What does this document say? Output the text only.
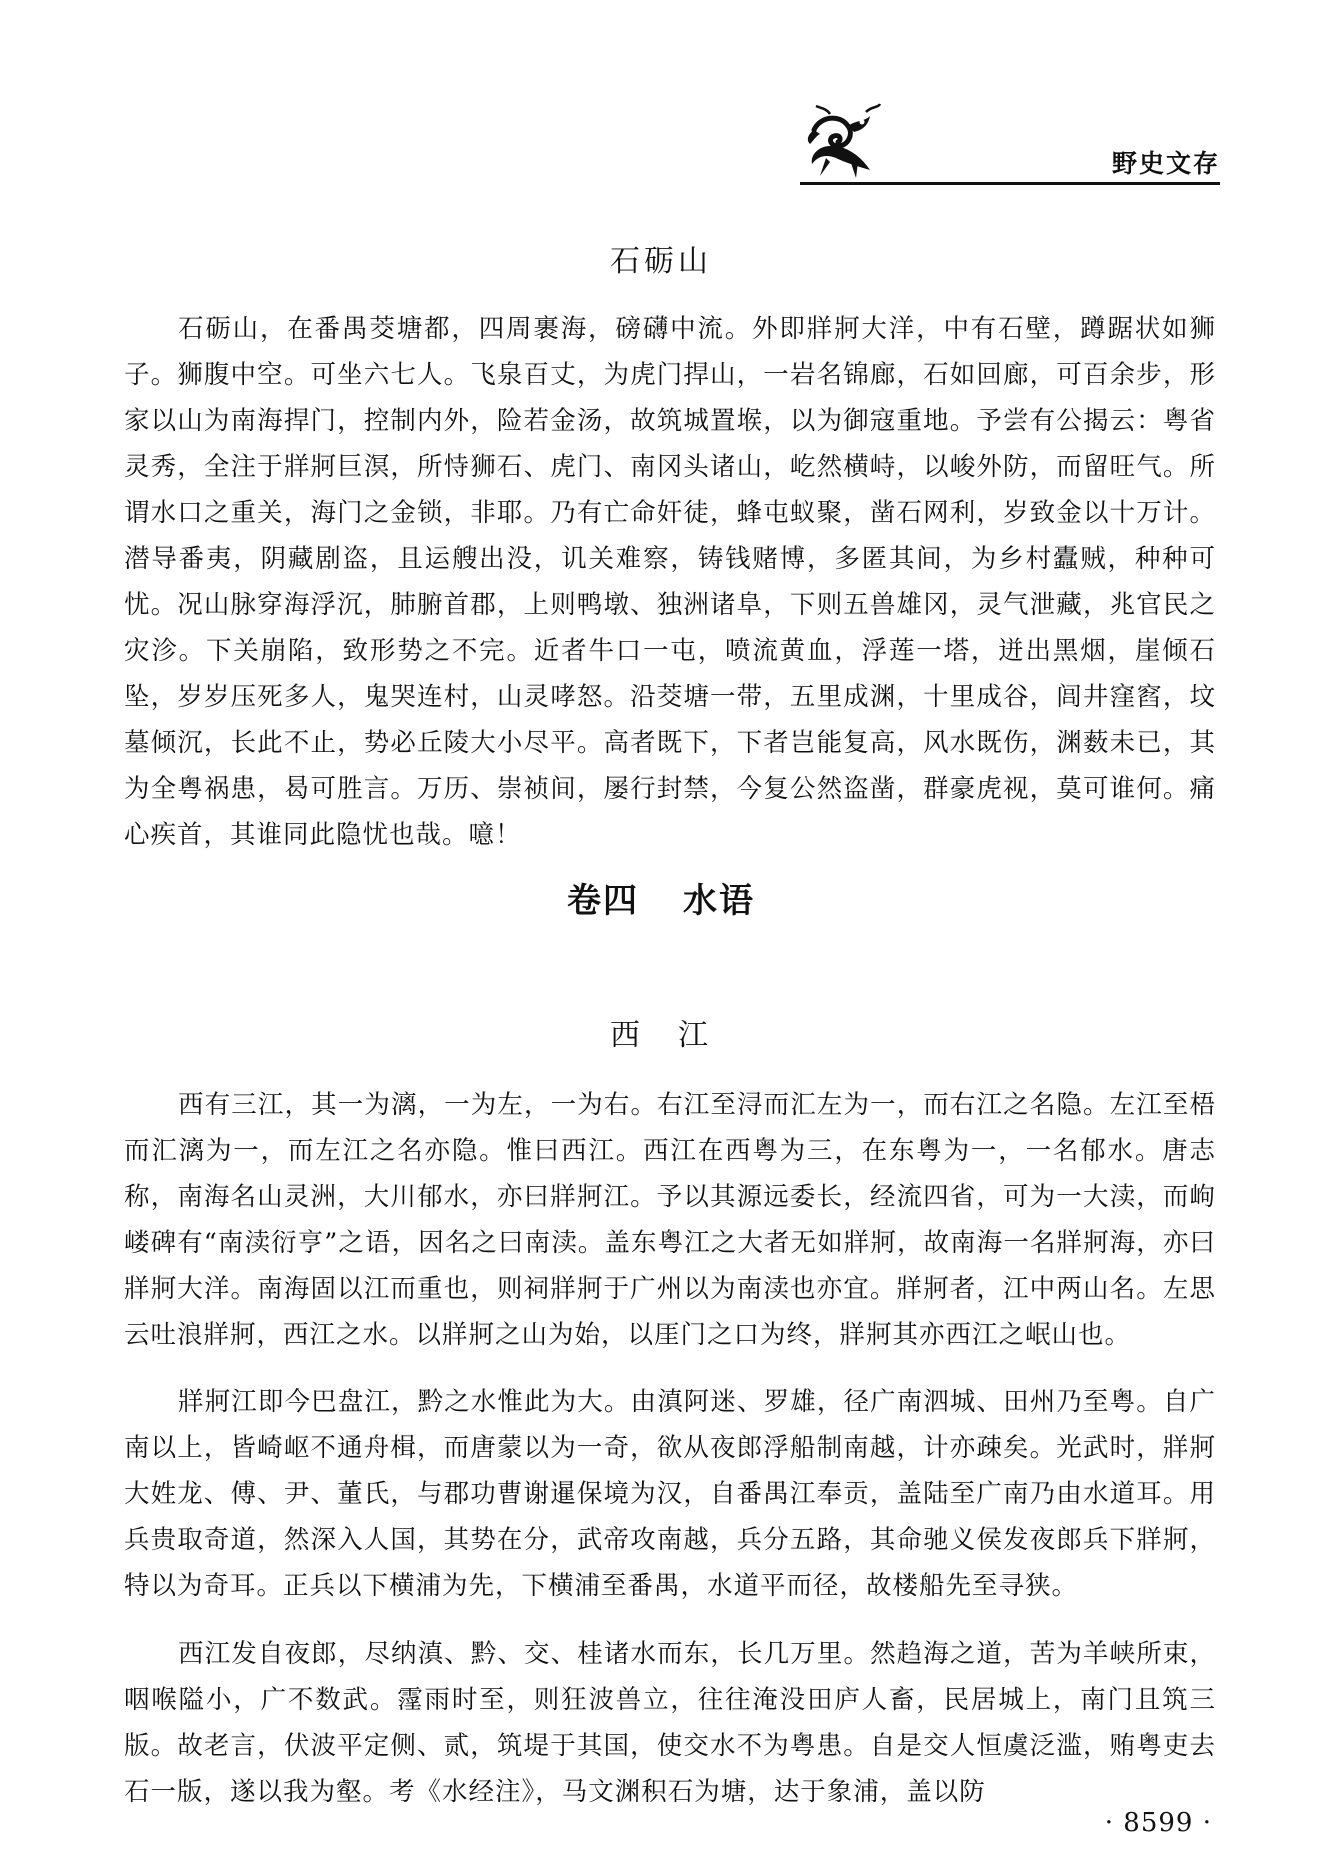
野史文存
石砺山

石砺山，在番禺茭塘都，四周裹海，磅礴中流。外即牂牁大洋，中有石壁，蹲踞状如狮子。狮腹中空。可坐六七人。飞泉百丈，为虎门捍山，一岩名锦廊，石如回廊，可百余步，形家以山为南海捍门，控制内外，险若金汤，故筑城置堠，以为御寇重地。予尝有公揭云：粤省灵秀，全注于牂牁巨溟，所恃狮石、虎门、南冈头诸山，屹然横峙，以峻外防，而留旺气。所谓水口之重关，海门之金锁，非耶。乃有亡命奸徒，蜂屯蚁聚，凿石网利，岁致金以十万计。潜导番夷，阴藏剧盗，且运艘出没，讥关难察，铸钱赌博，多匿其间，为乡村蠹贼，种种可忧。况山脉穿海浮沉，肺腑首郡，上则鸭墩、独洲诸阜，下则五兽雄冈，灵气泄藏，兆官民之灾沴。下关崩陷，致形势之不完。近者牛口一屯，喷流黄血，浮莲一塔，迸出黑烟，崖倾石坠，岁岁压死多人，鬼哭连村，山灵哮怒。沿茭塘一带，五里成渊，十里成谷，闾井窪窞，坟墓倾沉，长此不止，势必丘陵大小尽平。高者既下，下者岂能复高，风水既伤，渊薮未已，其为全粤祸患，曷可胜言。万历、崇祯间，屡行封禁，今复公然盗凿，群豪虎视，莫可谁何。痛心疾首，其谁同此隐忧也哉。噫！

卷四 水语
西　江

西有三江，其一为漓，一为左，一为右。右江至浔而汇左为一，而右江之名隐。左江至梧而汇漓为一，而左江之名亦隐。惟曰西江。西江在西粤为三，在东粤为一，一名郁水。唐志称，南海名山灵洲，大川郁水，亦曰牂牁江。予以其源远委长，经流四省，可为一大渎，而岣嵝碑有“南渎衍亨”之语，因名之曰南渎。盖东粤江之大者无如牂牁，故南海一名牂牁海，亦曰牂牁大洋。南海固以江而重也，则祠牂牁于广州以为南渎也亦宜。牂牁者，江中两山名。左思云吐浪牂牁，西江之水。以牂牁之山为始，以厓门之口为终，牂牁其亦西江之岷山也。

牂牁江即今巴盘江，黔之水惟此为大。由滇阿迷、罗雄，径广南泗城、田州乃至粤。自广南以上，皆崎岖不通舟楫，而唐蒙以为一奇，欲从夜郎浮船制南越，计亦疎矣。光武时，牂牁大姓龙、傅、尹、董氏，与郡功曹谢暹保境为汉，自番禺江奉贡，盖陆至广南乃由水道耳。用兵贵取奇道，然深入人国，其势在分，武帝攻南越，兵分五路，其命驰义侯发夜郎兵下牂牁，特以为奇耳。正兵以下横浦为先，下横浦至番禺，水道平而径，故楼船先至寻狭。

西江发自夜郎，尽纳滇、黔、交、桂诸水而东，长几万里。然趋海之道，苦为羊峡所束，咽喉隘小，广不数武。霪雨时至，则狂波兽立，往往淹没田庐人畜，民居城上，南门且筑三版。故老言，伏波平定侧、贰，筑堤于其国，使交水不为粤患。自是交人恒虞泛滥，贿粤吏去石一版，遂以我为壑。考《水经注》，马文渊积石为塘，达于象浦，盖以防

· 8599 ·
